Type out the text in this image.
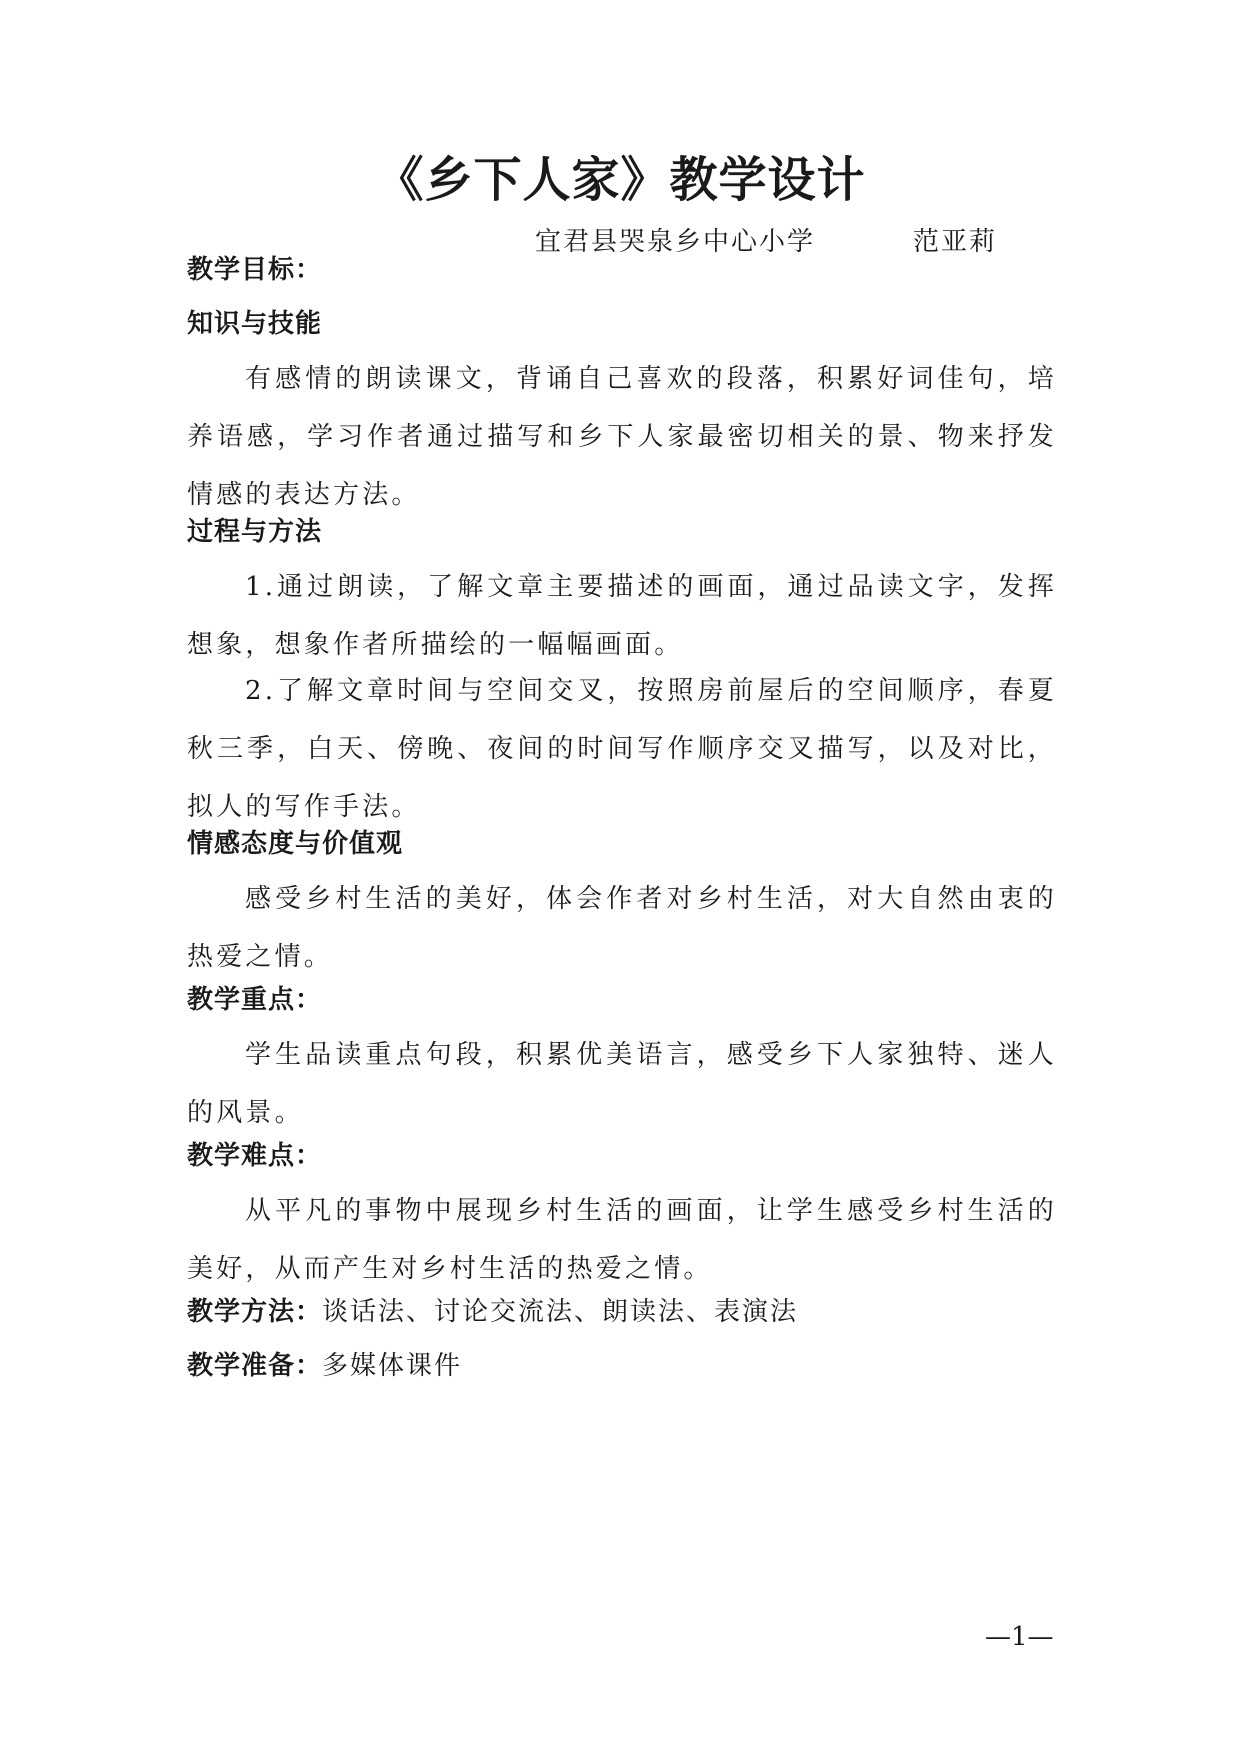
《乡下人家》教学设计
宜君县哭泉乡中心小学	范亚莉
教学目标：
知识与技能

有感情的朗读课文，背诵自己喜欢的段落，积累好词佳句，培养语感，学习作者通过描写和乡下人家最密切相关的景、物来抒发情感的表达方法。

过程与方法

1.通过朗读，了解文章主要描述的画面，通过品读文字，发挥想象，想象作者所描绘的一幅幅画面。

2.了解文章时间与空间交叉，按照房前屋后的空间顺序，春夏秋三季，白天、傍晚、夜间的时间写作顺序交叉描写，以及对比，拟人的写作手法。

情感态度与价值观

感受乡村生活的美好，体会作者对乡村生活，对大自然由衷的热爱之情。

教学重点：

学生品读重点句段，积累优美语言，感受乡下人家独特、迷人的风景。

教学难点：

从平凡的事物中展现乡村生活的画面，让学生感受乡村生活的美好，从而产生对乡村生活的热爱之情。

教学方法：谈话法、讨论交流法、朗读法、表演法
教学准备：多媒体课件
—1—
